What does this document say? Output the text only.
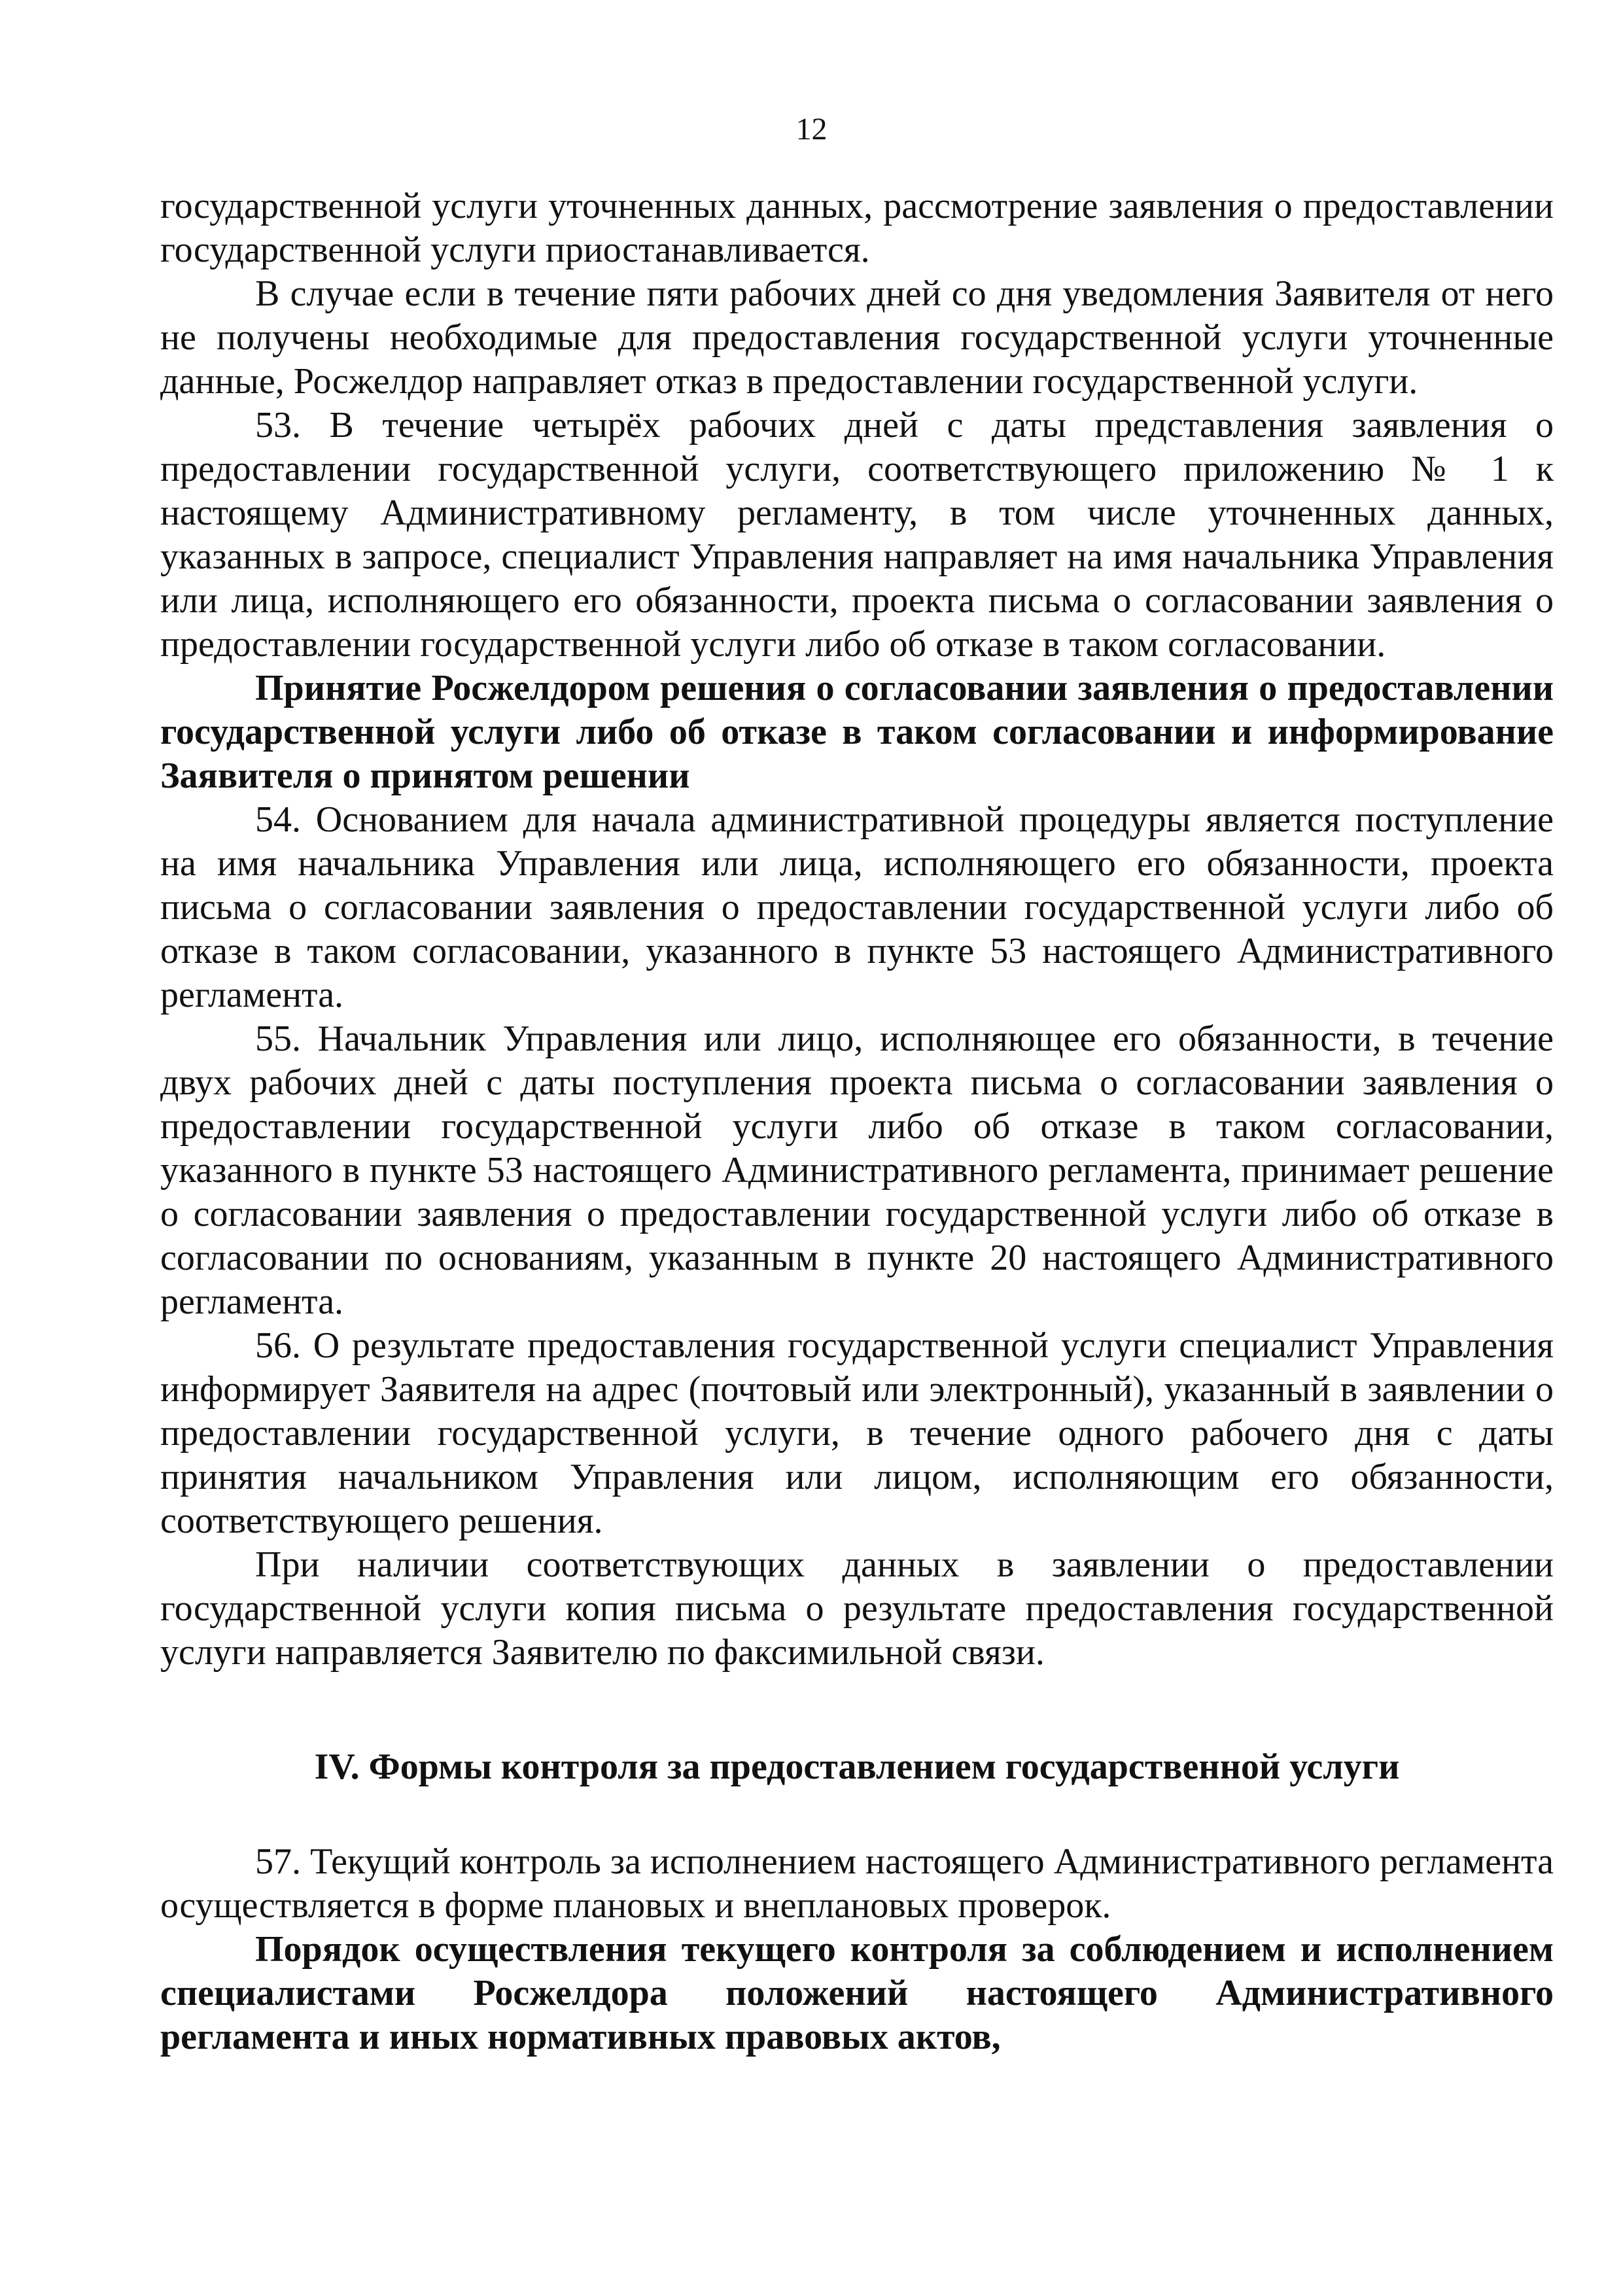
12

государственной услуги уточненных данных, рассмотрение заявления о предоставлении государственной услуги приостанавливается.

В случае если в течение пяти рабочих дней со дня уведомления Заявителя от него не получены необходимые для предоставления государственной услуги уточненные данные, Росжелдор направляет отказ в предоставлении государственной услуги.

53. В течение четырёх рабочих дней с даты представления заявления о предоставлении государственной услуги, соответствующего приложению № 1 к настоящему Административному регламенту, в том числе уточненных данных, указанных в запросе, специалист Управления направляет на имя начальника Управления или лица, исполняющего его обязанности, проекта письма о согласовании заявления о предоставлении государственной услуги либо об отказе в таком согласовании.

Принятие Росжелдором решения о согласовании заявления о предоставлении государственной услуги либо об отказе в таком согласовании и информирование Заявителя о принятом решении

54. Основанием для начала административной процедуры является поступление на имя начальника Управления или лица, исполняющего его обязанности, проекта письма о согласовании заявления о предоставлении государственной услуги либо об отказе в таком согласовании, указанного в пункте 53 настоящего Административного регламента.

55. Начальник Управления или лицо, исполняющее его обязанности, в течение двух рабочих дней с даты поступления проекта письма о согласовании заявления о предоставлении государственной услуги либо об отказе в таком согласовании, указанного в пункте 53 настоящего Административного регламента, принимает решение о согласовании заявления о предоставлении государственной услуги либо об отказе в согласовании по основаниям, указанным в пункте 20 настоящего Административного регламента.

56. О результате предоставления государственной услуги специалист Управления информирует Заявителя на адрес (почтовый или электронный), указанный в заявлении о предоставлении государственной услуги, в течение одного рабочего дня с даты принятия начальником Управления или лицом, исполняющим его обязанности, соответствующего решения.

При наличии соответствующих данных в заявлении о предоставлении государственной услуги копия письма о результате предоставления государственной услуги направляется Заявителю по факсимильной связи.

IV. Формы контроля за предоставлением государственной услуги

57. Текущий контроль за исполнением настоящего Административного регламента осуществляется в форме плановых и внеплановых проверок.

Порядок осуществления текущего контроля за соблюдением и исполнением специалистами Росжелдора положений настоящего Административного регламента и иных нормативных правовых актов,
